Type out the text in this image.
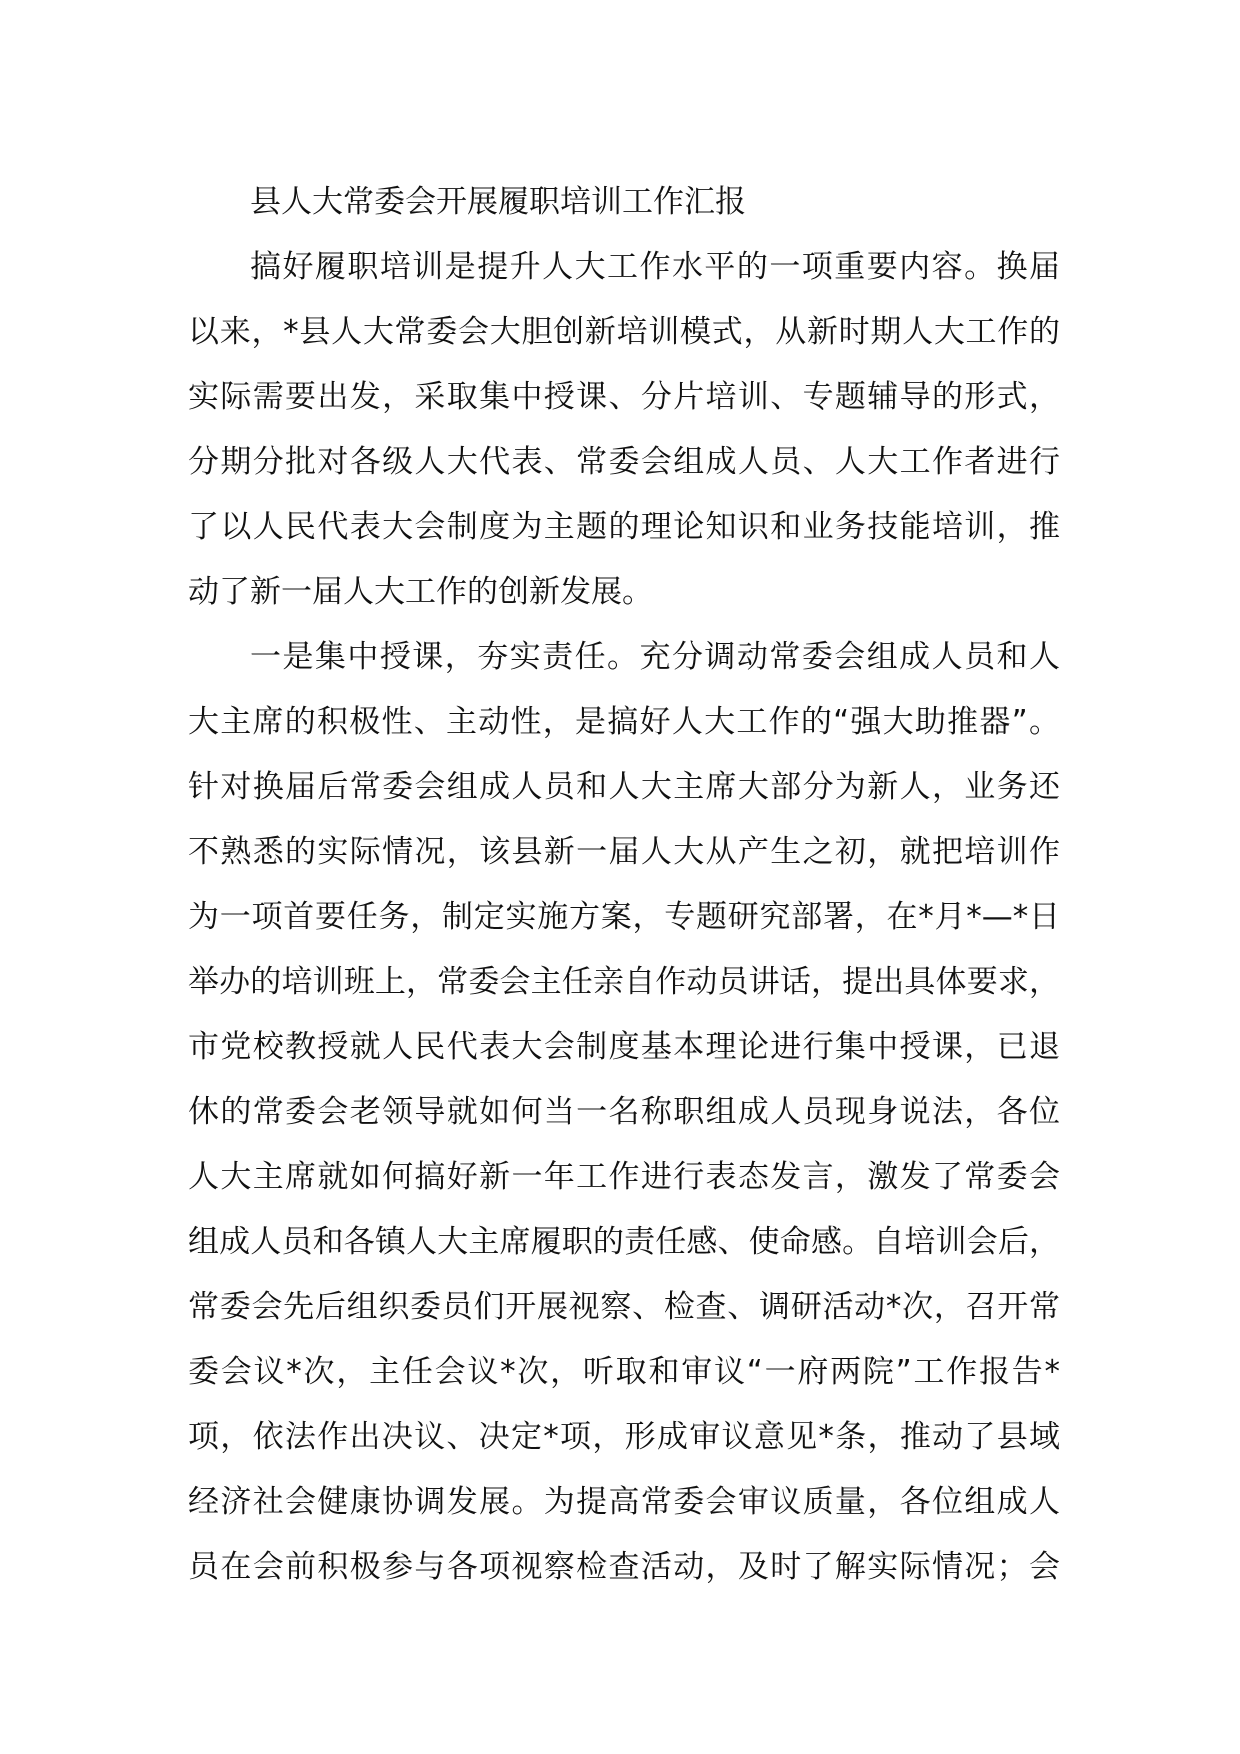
县人大常委会开展履职培训工作汇报
搞好履职培训是提升人大工作水平的一项重要内容。换届
以来，*县人大常委会大胆创新培训模式，从新时期人大工作的
实际需要出发，采取集中授课、分片培训、专题辅导的形式，
分期分批对各级人大代表、常委会组成人员、人大工作者进行
了以人民代表大会制度为主题的理论知识和业务技能培训，推
动了新一届人大工作的创新发展。
一是集中授课，夯实责任。充分调动常委会组成人员和人
大主席的积极性、主动性，是搞好人大工作的“强大助推器”。
针对换届后常委会组成人员和人大主席大部分为新人，业务还
不熟悉的实际情况，该县新一届人大从产生之初，就把培训作
为一项首要任务，制定实施方案，专题研究部署，在*月*—*日
举办的培训班上，常委会主任亲自作动员讲话，提出具体要求，
市党校教授就人民代表大会制度基本理论进行集中授课，已退
休的常委会老领导就如何当一名称职组成人员现身说法，各位
人大主席就如何搞好新一年工作进行表态发言，激发了常委会
组成人员和各镇人大主席履职的责任感、使命感。自培训会后，
常委会先后组织委员们开展视察、检查、调研活动*次，召开常
委会议*次，主任会议*次，听取和审议“一府两院”工作报告*
项，依法作出决议、决定*项，形成审议意见*条，推动了县域
经济社会健康协调发展。为提高常委会审议质量，各位组成人
员在会前积极参与各项视察检查活动，及时了解实际情况；会
